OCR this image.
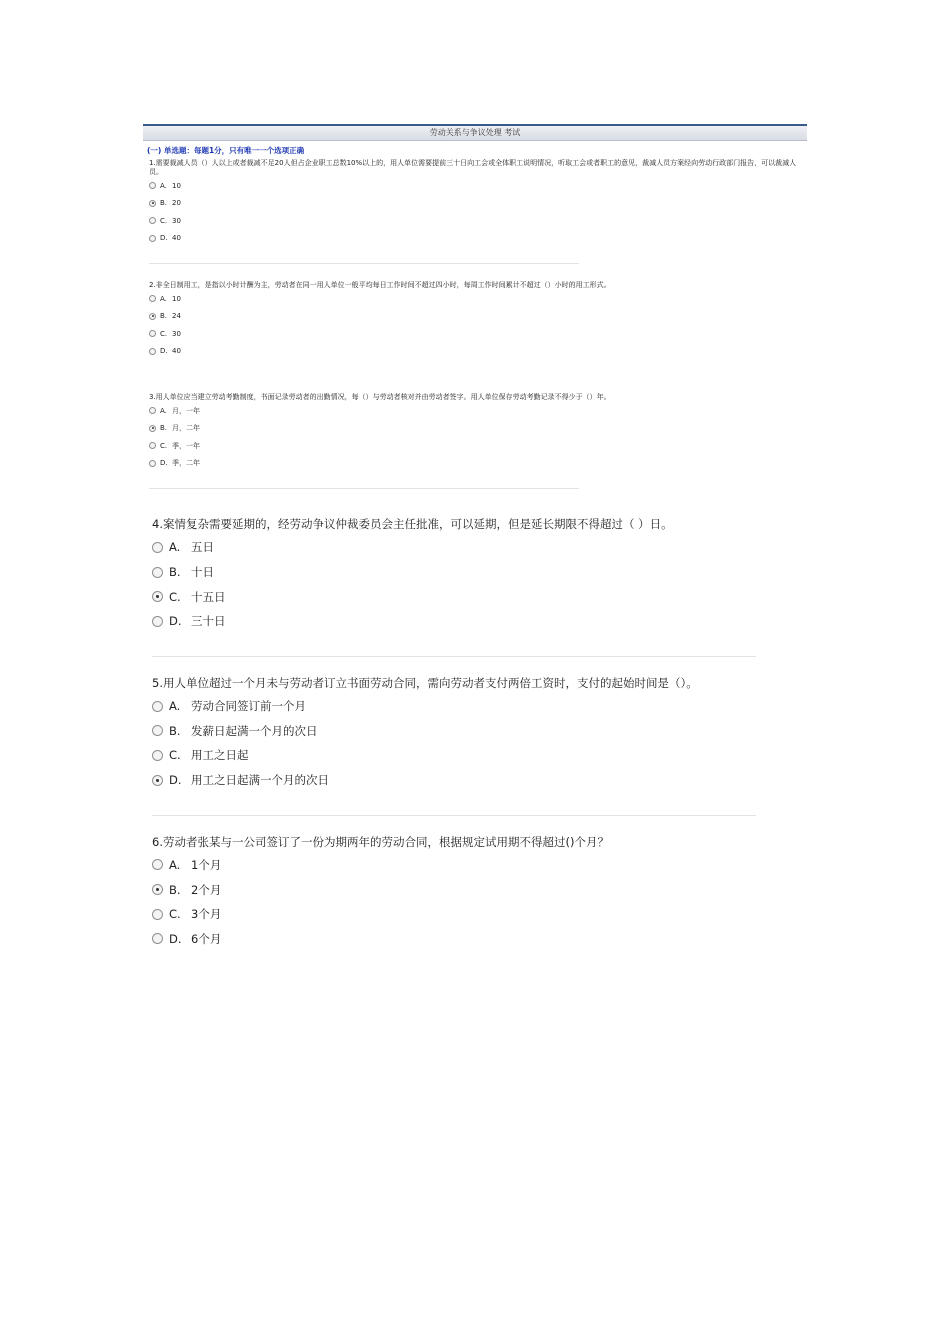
劳动关系与争议处理 考试
(一) 单选题：每题1分，只有唯一一个选项正确
1.需要裁减人员（）人以上或者裁减不足20人但占企业职工总数10%以上的，用人单位需要提前三十日向工会或全体职工说明情况，听取工会或者职工的意见，裁减人员方案经向劳动行政部门报告，可以裁减人员。
A. 10
B. 20
C. 30
D. 40
2.非全日制用工，是指以小时计酬为主，劳动者在同一用人单位一般平均每日工作时间不超过四小时，每周工作时间累计不超过（）小时的用工形式。
A. 10
B. 24
C. 30
D. 40
3.用人单位应当建立劳动考勤制度，书面记录劳动者的出勤情况，每（）与劳动者核对并由劳动者签字。用人单位保存劳动考勤记录不得少于（）年。
A. 月，一年
B. 月，二年
C. 季，一年
D. 季，二年
4.案情复杂需要延期的，经劳动争议仲裁委员会主任批准，可以延期，但是延长期限不得超过（ ）日。
A. 五日
B. 十日
C. 十五日
D. 三十日
5.用人单位超过一个月未与劳动者订立书面劳动合同，需向劳动者支付两倍工资时，支付的起始时间是（）。
A. 劳动合同签订前一个月
B. 发薪日起满一个月的次日
C. 用工之日起
D. 用工之日起满一个月的次日
6.劳动者张某与一公司签订了一份为期两年的劳动合同，根据规定试用期不得超过()个月？
A. 1个月
B. 2个月
C. 3个月
D. 6个月
